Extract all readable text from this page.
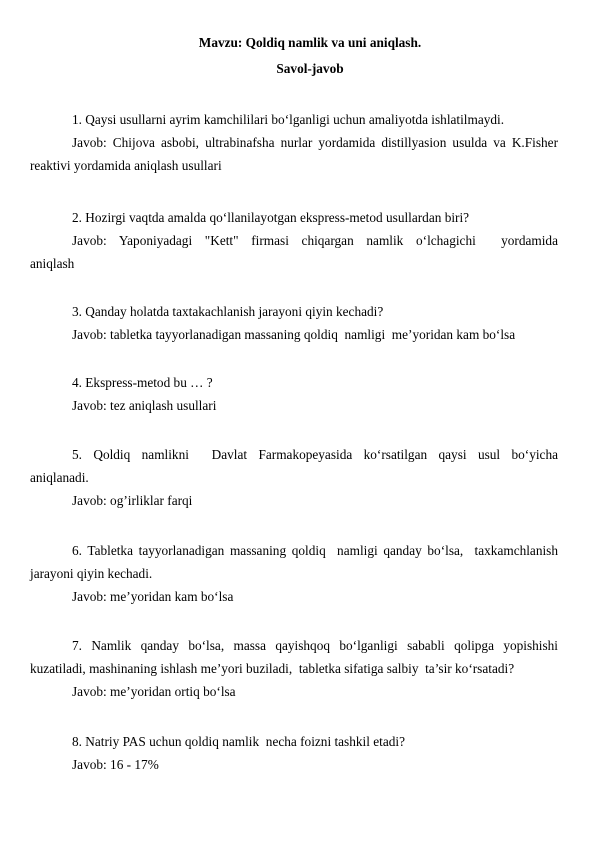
Mavzu: Qoldiq namlik va uni aniqlash.
Savol-javob
1. Qaysi usullarni ayrim kamchililari bo‘lganligi uchun amaliyotda ishlatilmaydi.
Javob: Chijova asbobi, ultrabinafsha nurlar yordamida distillyasion usulda va K.Fisher
reaktivi yordamida aniqlash usullari
2. Hozirgi vaqtda amalda qo‘llanilayotgan ekspress-metod usullardan biri?
Javob:  Yaponiyadagi  "Kett"  firmasi  chiqargan  namlik  o‘lchagichi    yordamida
aniqlash
3. Qanday holatda taxtakachlanish jarayoni qiyin kechadi?
Javob: tabletka tayyorlanadigan massaning qoldiq  namligi  me’yoridan kam bo‘lsa
4. Ekspress-metod bu … ?
Javob: tez aniqlash usullari
5.  Qoldiq  namlikni    Davlat  Farmakopeyasida  ko‘rsatilgan  qaysi  usul  bo‘yicha
aniqlanadi.
Javob: og’irliklar farqi
6. Tabletka tayyorlanadigan massaning qoldiq  namligi qanday bo‘lsa,  taxkamchlanish
jarayoni qiyin kechadi.
Javob: me’yoridan kam bo‘lsa
7.  Namlik  qanday  bo‘lsa,  massa  qayishqoq  bo‘lganligi  sababli  qolipga  yopishishi
kuzatiladi, mashinaning ishlash me’yori buziladi,  tabletka sifatiga salbiy  ta’sir ko‘rsatadi?
Javob: me’yoridan ortiq bo‘lsa
8. Natriy PAS uchun qoldiq namlik  necha foizni tashkil etadi?
Javob: 16 - 17%
